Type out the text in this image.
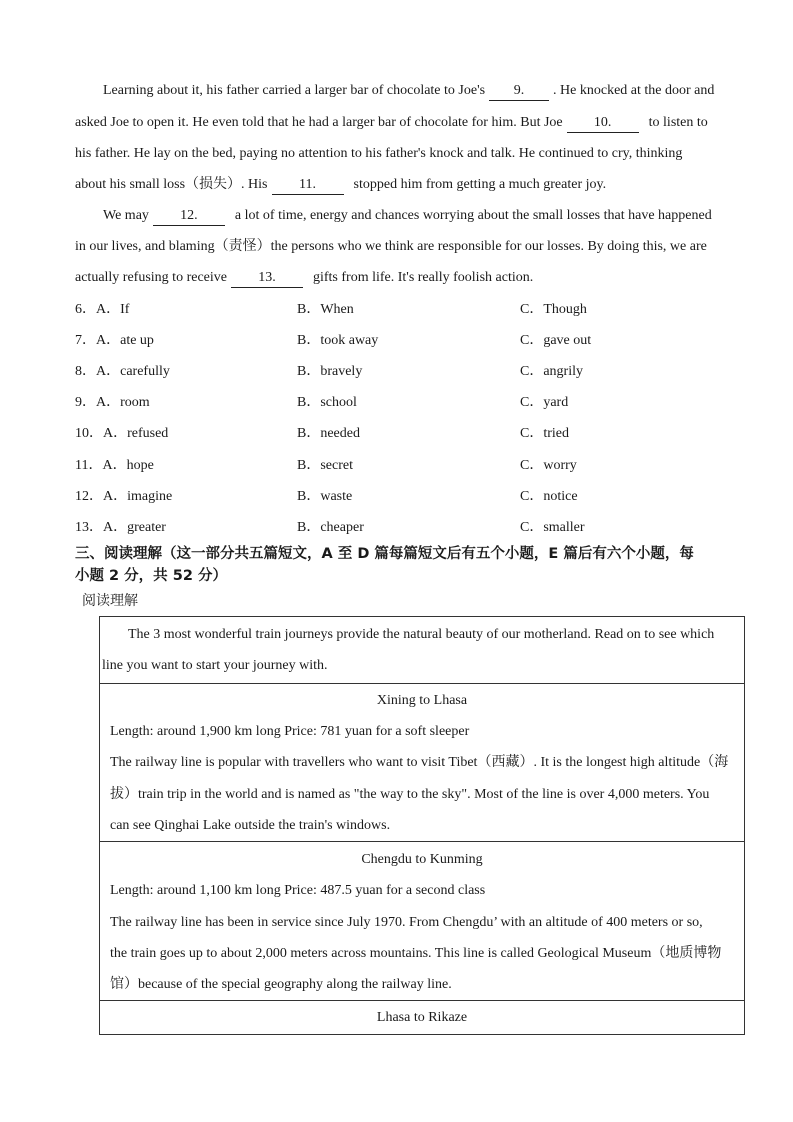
Learning about it, his father carried a larger bar of chocolate to Joe's 9. . He knocked at the door and
asked Joe to open it. He even told that he had a larger bar of chocolate for him. But Joe 10.	to listen to
his father. He lay on the bed, paying no attention to his father's knock and talk. He continued to cry, thinking
about his small loss（损失）. His 11.	stopped him from getting a much greater joy.
We may 12.	a lot of time, energy and chances worrying about the small losses that have happened
in our lives, and blaming（责怪）the persons who we think are responsible for our losses. By doing this, we are
actually refusing to receive 13.	gifts from life. It's really foolish action.
6．A．If	B．When	C．Though
7．A．ate up	B．took away	C．gave out
8．A．carefully	B．bravely	C．angrily
9．A．room	B．school	C．yard
10．A．refused	B．needed	C．tried
11．A．hope	B．secret	C．worry
12．A．imagine	B．waste	C．notice
13．A．greater	B．cheaper	C．smaller
三、阅读理解（这一部分共五篇短文，A 至 D 篇每篇短文后有五个小题，E 篇后有六个小题，每
小题 2 分，共 52 分）
阅读理解
The 3 most wonderful train journeys provide the natural beauty of our motherland. Read on to see which
line you want to start your journey with.
Xining to Lhasa
Length: around 1,900 km long Price: 781 yuan for a soft sleeper
The railway line is popular with travellers who want to visit Tibet（西藏）. It is the longest high altitude（海
拔）train trip in the world and is named as "the way to the sky". Most of the line is over 4,000 meters. You
can see Qinghai Lake outside the train's windows.
Chengdu to Kunming
Length: around 1,100 km long Price: 487.5 yuan for a second class
The railway line has been in service since July 1970. From Chengdu’ with an altitude of 400 meters or so,
the train goes up to about 2,000 meters across mountains. This line is called Geological Museum（地质博物
馆）because of the special geography along the railway line.
Lhasa to Rikaze
